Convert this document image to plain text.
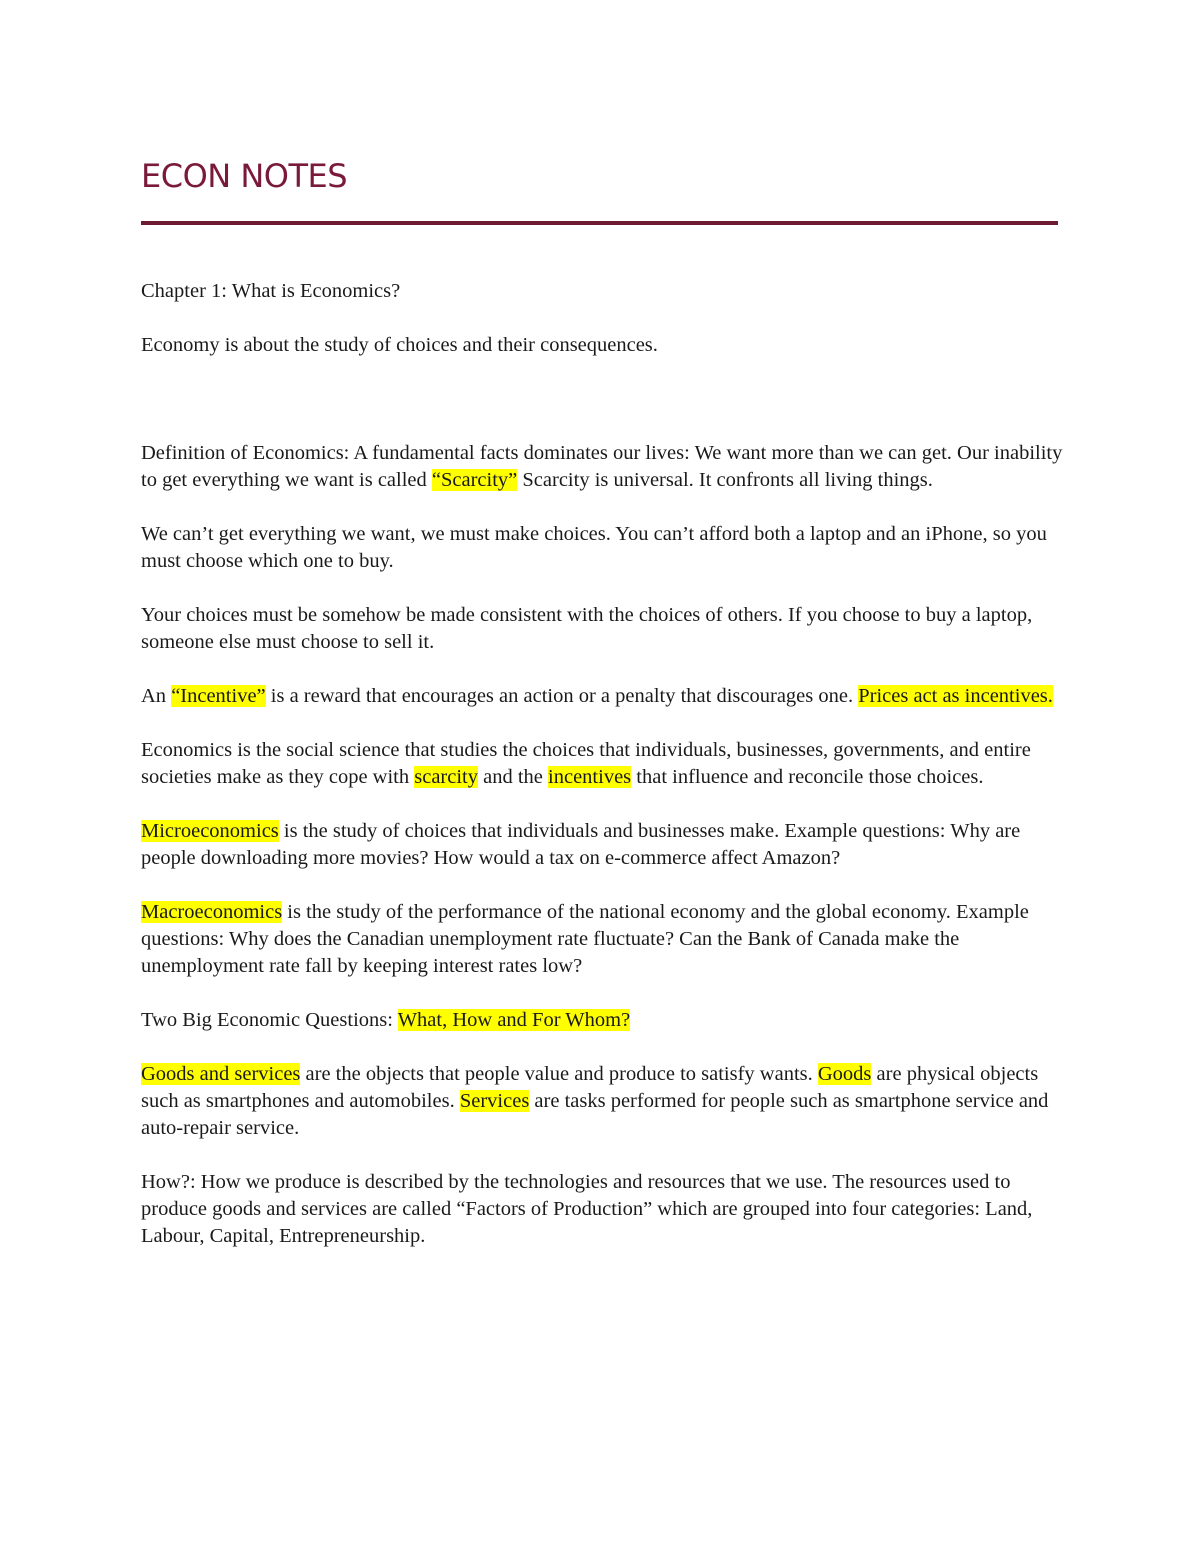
ECON NOTES

Chapter 1: What is Economics?

Economy is about the study of choices and their consequences.

Definition of Economics: A fundamental facts dominates our lives: We want more than we can get. Our inability to get everything we want is called “Scarcity” Scarcity is universal. It confronts all living things.

We can’t get everything we want, we must make choices. You can’t afford both a laptop and an iPhone, so you must choose which one to buy.

Your choices must be somehow be made consistent with the choices of others. If you choose to buy a laptop, someone else must choose to sell it.

An “Incentive” is a reward that encourages an action or a penalty that discourages one. Prices act as incentives.

Economics is the social science that studies the choices that individuals, businesses, governments, and entire societies make as they cope with scarcity and the incentives that influence and reconcile those choices.

Microeconomics is the study of choices that individuals and businesses make. Example questions: Why are people downloading more movies? How would a tax on e-commerce affect Amazon?

Macroeconomics is the study of the performance of the national economy and the global economy. Example questions: Why does the Canadian unemployment rate fluctuate? Can the Bank of Canada make the unemployment rate fall by keeping interest rates low?

Two Big Economic Questions: What, How and For Whom?

Goods and services are the objects that people value and produce to satisfy wants. Goods are physical objects such as smartphones and automobiles. Services are tasks performed for people such as smartphone service and auto-repair service.

How?: How we produce is described by the technologies and resources that we use. The resources used to produce goods and services are called “Factors of Production” which are grouped into four categories: Land, Labour, Capital, Entrepreneurship.
